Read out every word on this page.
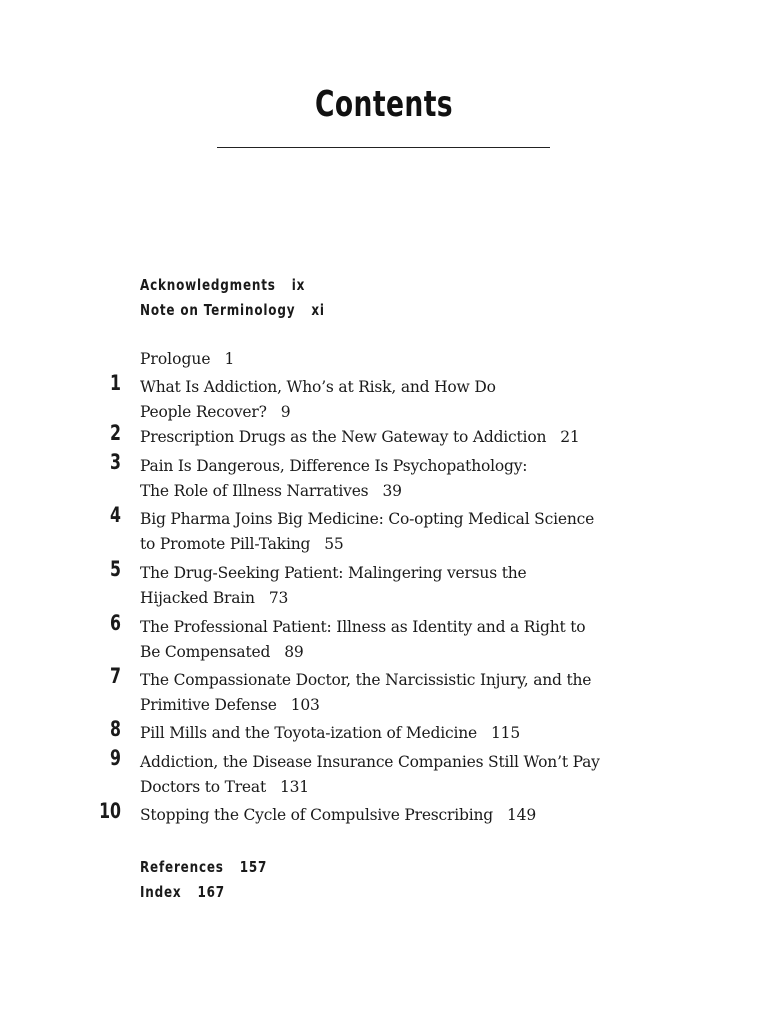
Contents
Acknowledgments ix
Note on Terminology xi
Prologue 1
1 What Is Addiction, Who’s at Risk, and How Do
People Recover? 9
2 Prescription Drugs as the New Gateway to Addiction 21
3 Pain Is Dangerous, Difference Is Psychopathology:
The Role of Illness Narratives 39
4 Big Pharma Joins Big Medicine: Co-opting Medical Science
to Promote Pill-Taking 55
5 The Drug-Seeking Patient: Malingering versus the
Hijacked Brain 73
6 The Professional Patient: Illness as Identity and a Right to
Be Compensated 89
7 The Compassionate Doctor, the Narcissistic Injury, and the
Primitive Defense 103
8 Pill Mills and the Toyota-ization of Medicine 115
9 Addiction, the Disease Insurance Companies Still Won’t Pay
Doctors to Treat 131
10 Stopping the Cycle of Compulsive Prescribing 149
References 157
Index 167
